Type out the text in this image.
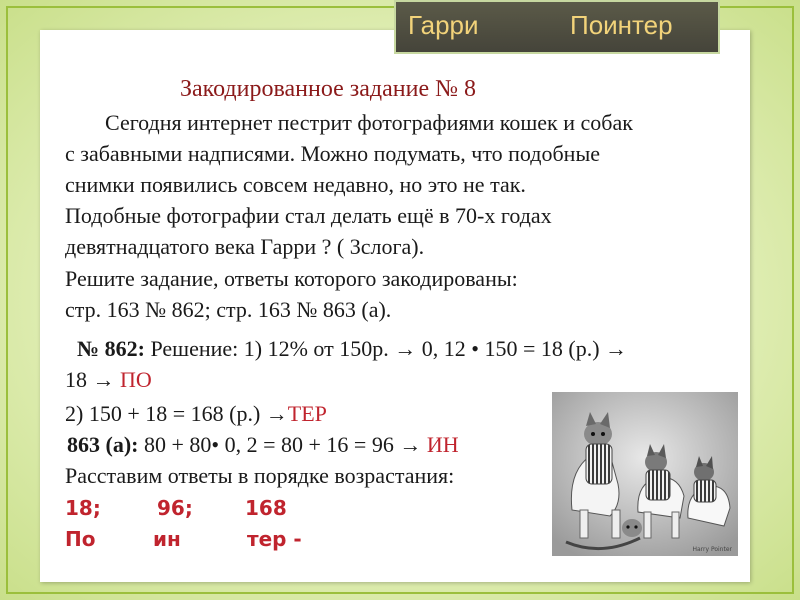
Гарри	Поинтер
Закодированное задание № 8
Сегодня интернет пестрит фотографиями кошек и собак
с забавными надписями. Можно подумать, что подобные
снимки появились совсем недавно, но это не так.
Подобные фотографии стал делать ещё в 70-х годах
девятнадцатого века Гарри ? ( 3слога).
Решите задание, ответы которого закодированы:
стр. 163 № 862; стр. 163 № 863 (а).
№ 862: Решение: 1) 12% от 150р. → 0, 12 • 150 = 18 (р.) →
18 → ПО
2) 150 + 18 = 168 (р.) →ТЕР
863 (а): 80 + 80• 0, 2 = 80 + 16 = 96 → ИН
Расставим ответы в порядке возрастания:
18;	96;	168
По	ин	тер -	Harry Pointer
